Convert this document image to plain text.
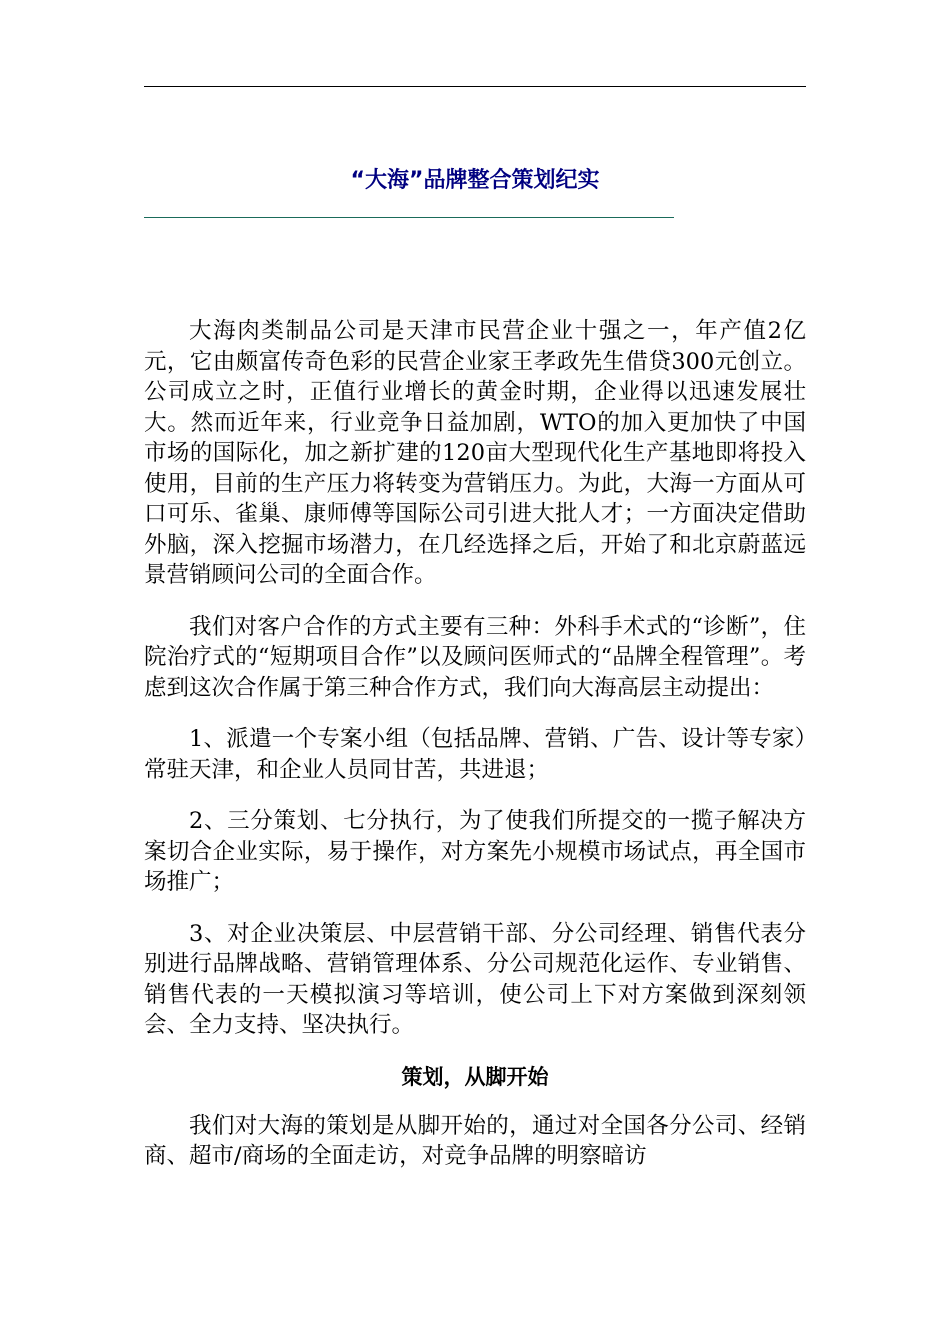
“大海”品牌整合策划纪实

大海肉类制品公司是天津市民营企业十强之一，年产值2亿元，它由颇富传奇色彩的民营企业家王孝政先生借贷300元创立。公司成立之时，正值行业增长的黄金时期，企业得以迅速发展壮大。然而近年来，行业竞争日益加剧，WTO的加入更加快了中国市场的国际化，加之新扩建的120亩大型现代化生产基地即将投入使用，目前的生产压力将转变为营销压力。为此，大海一方面从可口可乐、雀巢、康师傅等国际公司引进大批人才；一方面决定借助外脑，深入挖掘市场潜力，在几经选择之后，开始了和北京蔚蓝远景营销顾问公司的全面合作。

我们对客户合作的方式主要有三种：外科手术式的“诊断”，住院治疗式的“短期项目合作”以及顾问医师式的“品牌全程管理”。考虑到这次合作属于第三种合作方式，我们向大海高层主动提出：

1、派遣一个专案小组（包括品牌、营销、广告、设计等专家）常驻天津，和企业人员同甘苦，共进退；

2、三分策划、七分执行，为了使我们所提交的一揽子解决方案切合企业实际，易于操作，对方案先小规模市场试点，再全国市场推广；

3、对企业决策层、中层营销干部、分公司经理、销售代表分别进行品牌战略、营销管理体系、分公司规范化运作、专业销售、销售代表的一天模拟演习等培训，使公司上下对方案做到深刻领会、全力支持、坚决执行。

策划，从脚开始

我们对大海的策划是从脚开始的，通过对全国各分公司、经销商、超市/商场的全面走访，对竞争品牌的明察暗访
